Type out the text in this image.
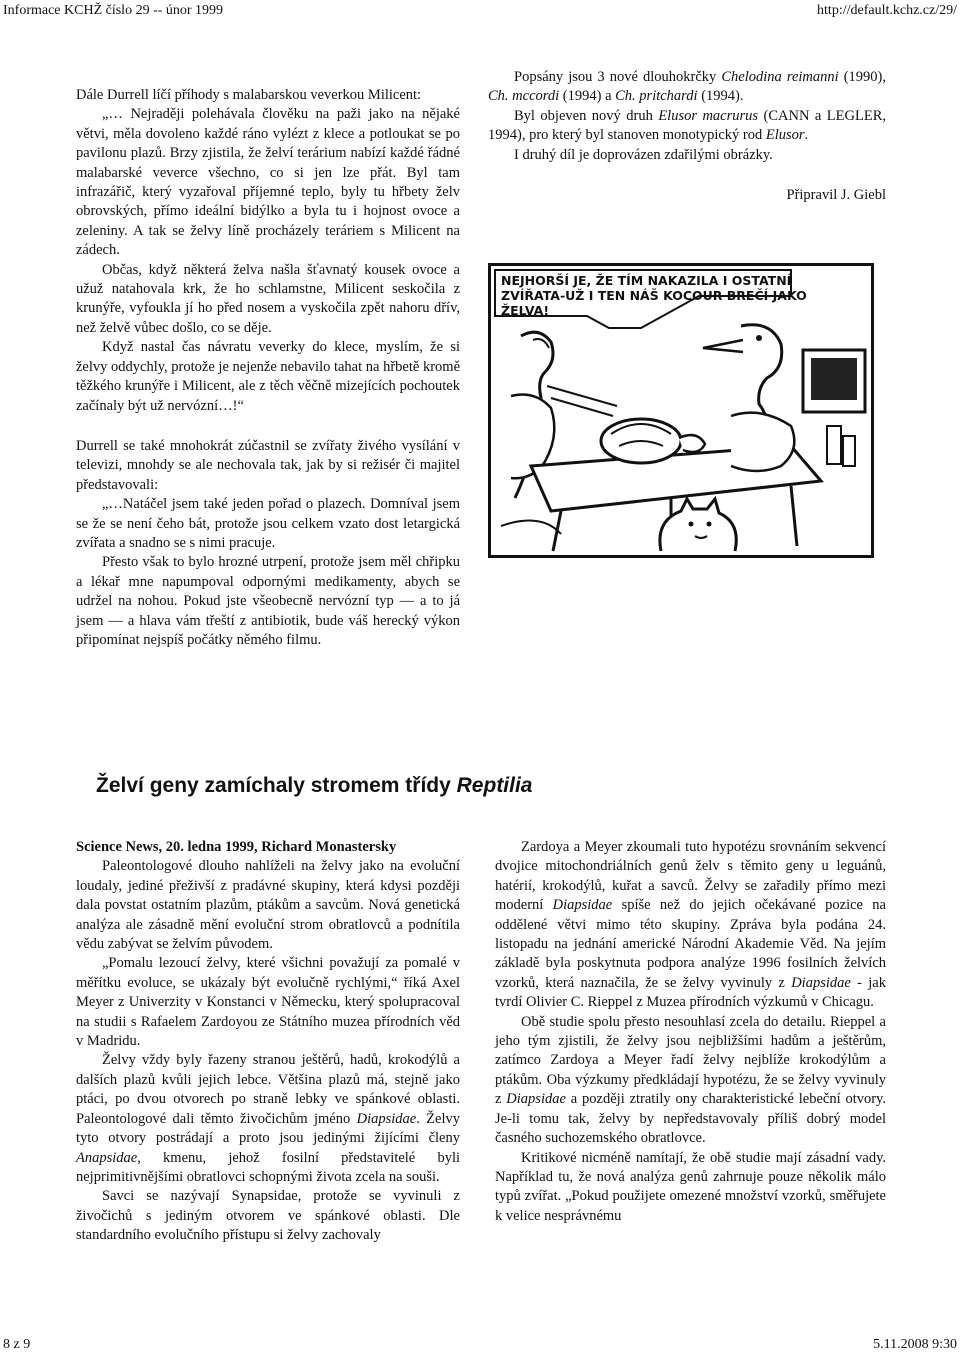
Informace KCHŽ číslo 29 -- únor 1999	http://default.kchz.cz/29/

Dále Durrell líčí příhody s malabarskou veverkou Milicent:

„… Nejraději polehávala člověku na paži jako na nějaké větvi, měla dovoleno každé ráno vylézt z klece a potloukat se po pavilonu plazů. Brzy zjistila, že želví terárium nabízí každé řádné malabarské veverce všechno, co si jen lze přát. Byl tam infrazářič, který vyzařoval příjemné teplo, byly tu hřbety želv obrovských, přímo ideální bidýlko a byla tu i hojnost ovoce a zeleniny. A tak se želvy líně procházely teráriem s Milicent na zádech.

Občas, když některá želva našla šťavnatý kousek ovoce a užuž natahovala krk, že ho schlamstne, Milicent seskočila z krunýře, vyfoukla jí ho před nosem a vyskočila zpět nahoru dřív, než želvě vůbec došlo, co se děje.

Když nastal čas návratu veverky do klece, myslím, že si želvy oddychly, protože je nejenže nebavilo tahat na hřbetě kromě těžkého krunýře i Milicent, ale z těch věčně mizejících pochoutek začínaly být už nervózní…!“

Durrell se také mnohokrát zúčastnil se zvířaty živého vysílání v televizi, mnohdy se ale nechovala tak, jak by si režisér či majitel představovali:

„…Natáčel jsem také jeden pořad o plazech. Domníval jsem se že se není čeho bát, protože jsou celkem vzato dost letargická zvířata a snadno se s nimi pracuje.

Přesto však to bylo hrozné utrpení, protože jsem měl chřipku a lékař mne napumpoval odpornými medikamenty, abych se udržel na nohou. Pokud jste všeobecně nervózní typ — a to já jsem — a hlava vám třeští z antibiotik, bude váš herecký výkon připomínat nejspíš počátky němého filmu.

Popsány jsou 3 nové dlouhokrčky Chelodina reimanni (1990), Ch. mccordi (1994) a Ch. pritchardi (1994).

Byl objeven nový druh Elusor macrurus (CANN a LEGLER, 1994), pro který byl stanoven monotypický rod Elusor.

I druhý díl je doprovázen zdařilými obrázky.

Připravil J. Giebl

NEJHORŠÍ JE, ŽE TÍM NAKAZILA I OSTATNÍ
ZVÍŘATA-UŽ I TEN NÁŠ KOCOUR BREČÍ JAKO
ŽELVA!
Želví geny zamíchaly stromem třídy Reptilia

Science News, 20. ledna 1999, Richard Monastersky

Paleontologové dlouho nahlíželi na želvy jako na evoluční loudaly, jediné přeživší z pradávné skupiny, která kdysi později dala povstat ostatním plazům, ptákům a savcům. Nová genetická analýza ale zásadně mění evoluční strom obratlovců a podnítila vědu zabývat se želvím původem.

„Pomalu lezoucí želvy, které všichni považují za pomalé v měřítku evoluce, se ukázaly být evolučně rychlými,“ říká Axel Meyer z Univerzity v Konstanci v Německu, který spolupracoval na studii s Rafaelem Zardoyou ze Státního muzea přírodních věd v Madridu.

Želvy vždy byly řazeny stranou ještěrů, hadů, krokodýlů a dalších plazů kvůli jejich lebce. Většina plazů má, stejně jako ptáci, po dvou otvorech po straně lebky ve spánkové oblasti. Paleontologové dali těmto živočichům jméno Diapsidae. Želvy tyto otvory postrádají a proto jsou jedinými žijícími členy Anapsidae, kmenu, jehož fosilní představitelé byli nejprimitivnějšími obratlovci schopnými života zcela na souši.

Savci se nazývají Synapsidae, protože se vyvinuli z živočichů s jediným otvorem ve spánkové oblasti. Dle standardního evolučního přístupu si želvy zachovaly

Zardoya a Meyer zkoumali tuto hypotézu srovnáním sekvencí dvojice mitochondriálních genů želv s těmito geny u leguánů, hatérií, krokodýlů, kuřat a savců. Želvy se zařadily přímo mezi moderní Diapsidae spíše než do jejich očekávané pozice na oddělené větvi mimo této skupiny. Zpráva byla podána 24. listopadu na jednání americké Národní Akademie Věd. Na jejím základě byla poskytnuta podpora analýze 1996 fosilních želvích vzorků, která naznačila, že se želvy vyvinuly z Diapsidae - jak tvrdí Olivier C. Rieppel z Muzea přírodních výzkumů v Chicagu.

Obě studie spolu přesto nesouhlasí zcela do detailu. Rieppel a jeho tým zjistili, že želvy jsou nejbližšími hadům a ještěrům, zatímco Zardoya a Meyer řadí želvy nejblíže krokodýlům a ptákům. Oba výzkumy předkládají hypotézu, že se želvy vyvinuly z Diapsidae a později ztratily ony charakteristické lebeční otvory. Je-li tomu tak, želvy by nepředstavovaly příliš dobrý model časného suchozemského obratlovce.

Kritikové nicméně namítají, že obě studie mají zásadní vady. Například tu, že nová analýza genů zahrnuje pouze několik málo typů zvířat. „Pokud použijete omezené množství vzorků, směřujete k velice nesprávnému

8 z 9	5.11.2008 9:30
